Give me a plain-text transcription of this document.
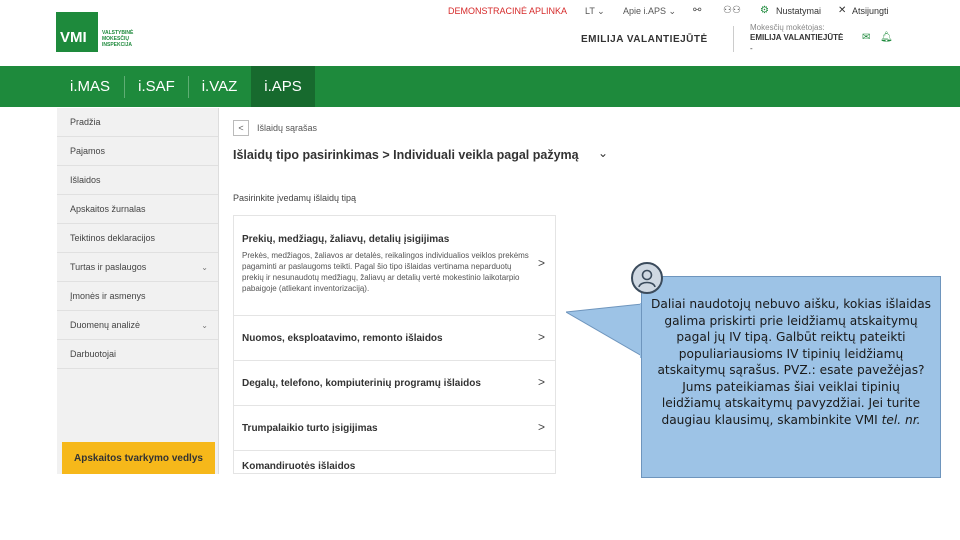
VMI	VALSTYBINĖ MOKESČIŲ INSPEKCIJA
DEMONSTRACINĖ APLINKA LT ⌄ Apie i.APS ⌄ ⚯ ⚇⚇ ⚙ Nustatymai ✕ Atsijungti
EMILIJA VALANTIEJŪTĖ
Mokesčių mokėtojas:
EMILIJA VALANTIEJŪTĖ
-
✉ 🔔︎
i.MAS	i.SAF	i.VAZ	i.APS
Pradžia
Pajamos
Išlaidos
Apskaitos žurnalas
Teiktinos deklaracijos
Turtas ir paslaugos	⌄
Įmonės ir asmenys
Duomenų analizė	⌄
Darbuotojai
Apskaitos tvarkymo vedlys
< Išlaidų sąrašas
Išlaidų tipo pasirinkimas > Individuali veikla pagal pažymą ⌄
Pasirinkite įvedamų išlaidų tipą
Prekių, medžiagų, žaliavų, detalių įsigijimas
Prekės, medžiagos, žaliavos ar detalės, reikalingos individualios veiklos prekėms pagaminti ar paslaugoms teikti. Pagal šio tipo išlaidas vertinama neparduotų prekių ir nesunaudotų medžiagų, žaliavų ar detalių vertė mokestinio laikotarpio pabaigoje (atliekant inventorizaciją).
>
Nuomos, eksploatavimo, remonto išlaidos	>
Degalų, telefono, kompiuterinių programų išlaidos	>
Trumpalaikio turto įsigijimas	>
Komandiruotės išlaidos
Daliai naudotojų nebuvo aišku, kokias išlaidas galima priskirti prie leidžiamų atskaitymų pagal jų IV tipą. Galbūt reiktų pateikti populiariausioms IV tipinių leidžiamų atskaitymų sąrašus. PVZ.: esate pavežėjas? Jums pateikiamas šiai veiklai tipinių leidžiamų atskaitymų pavyzdžiai. Jei turite daugiau klausimų, skambinkite VMI tel. nr.
